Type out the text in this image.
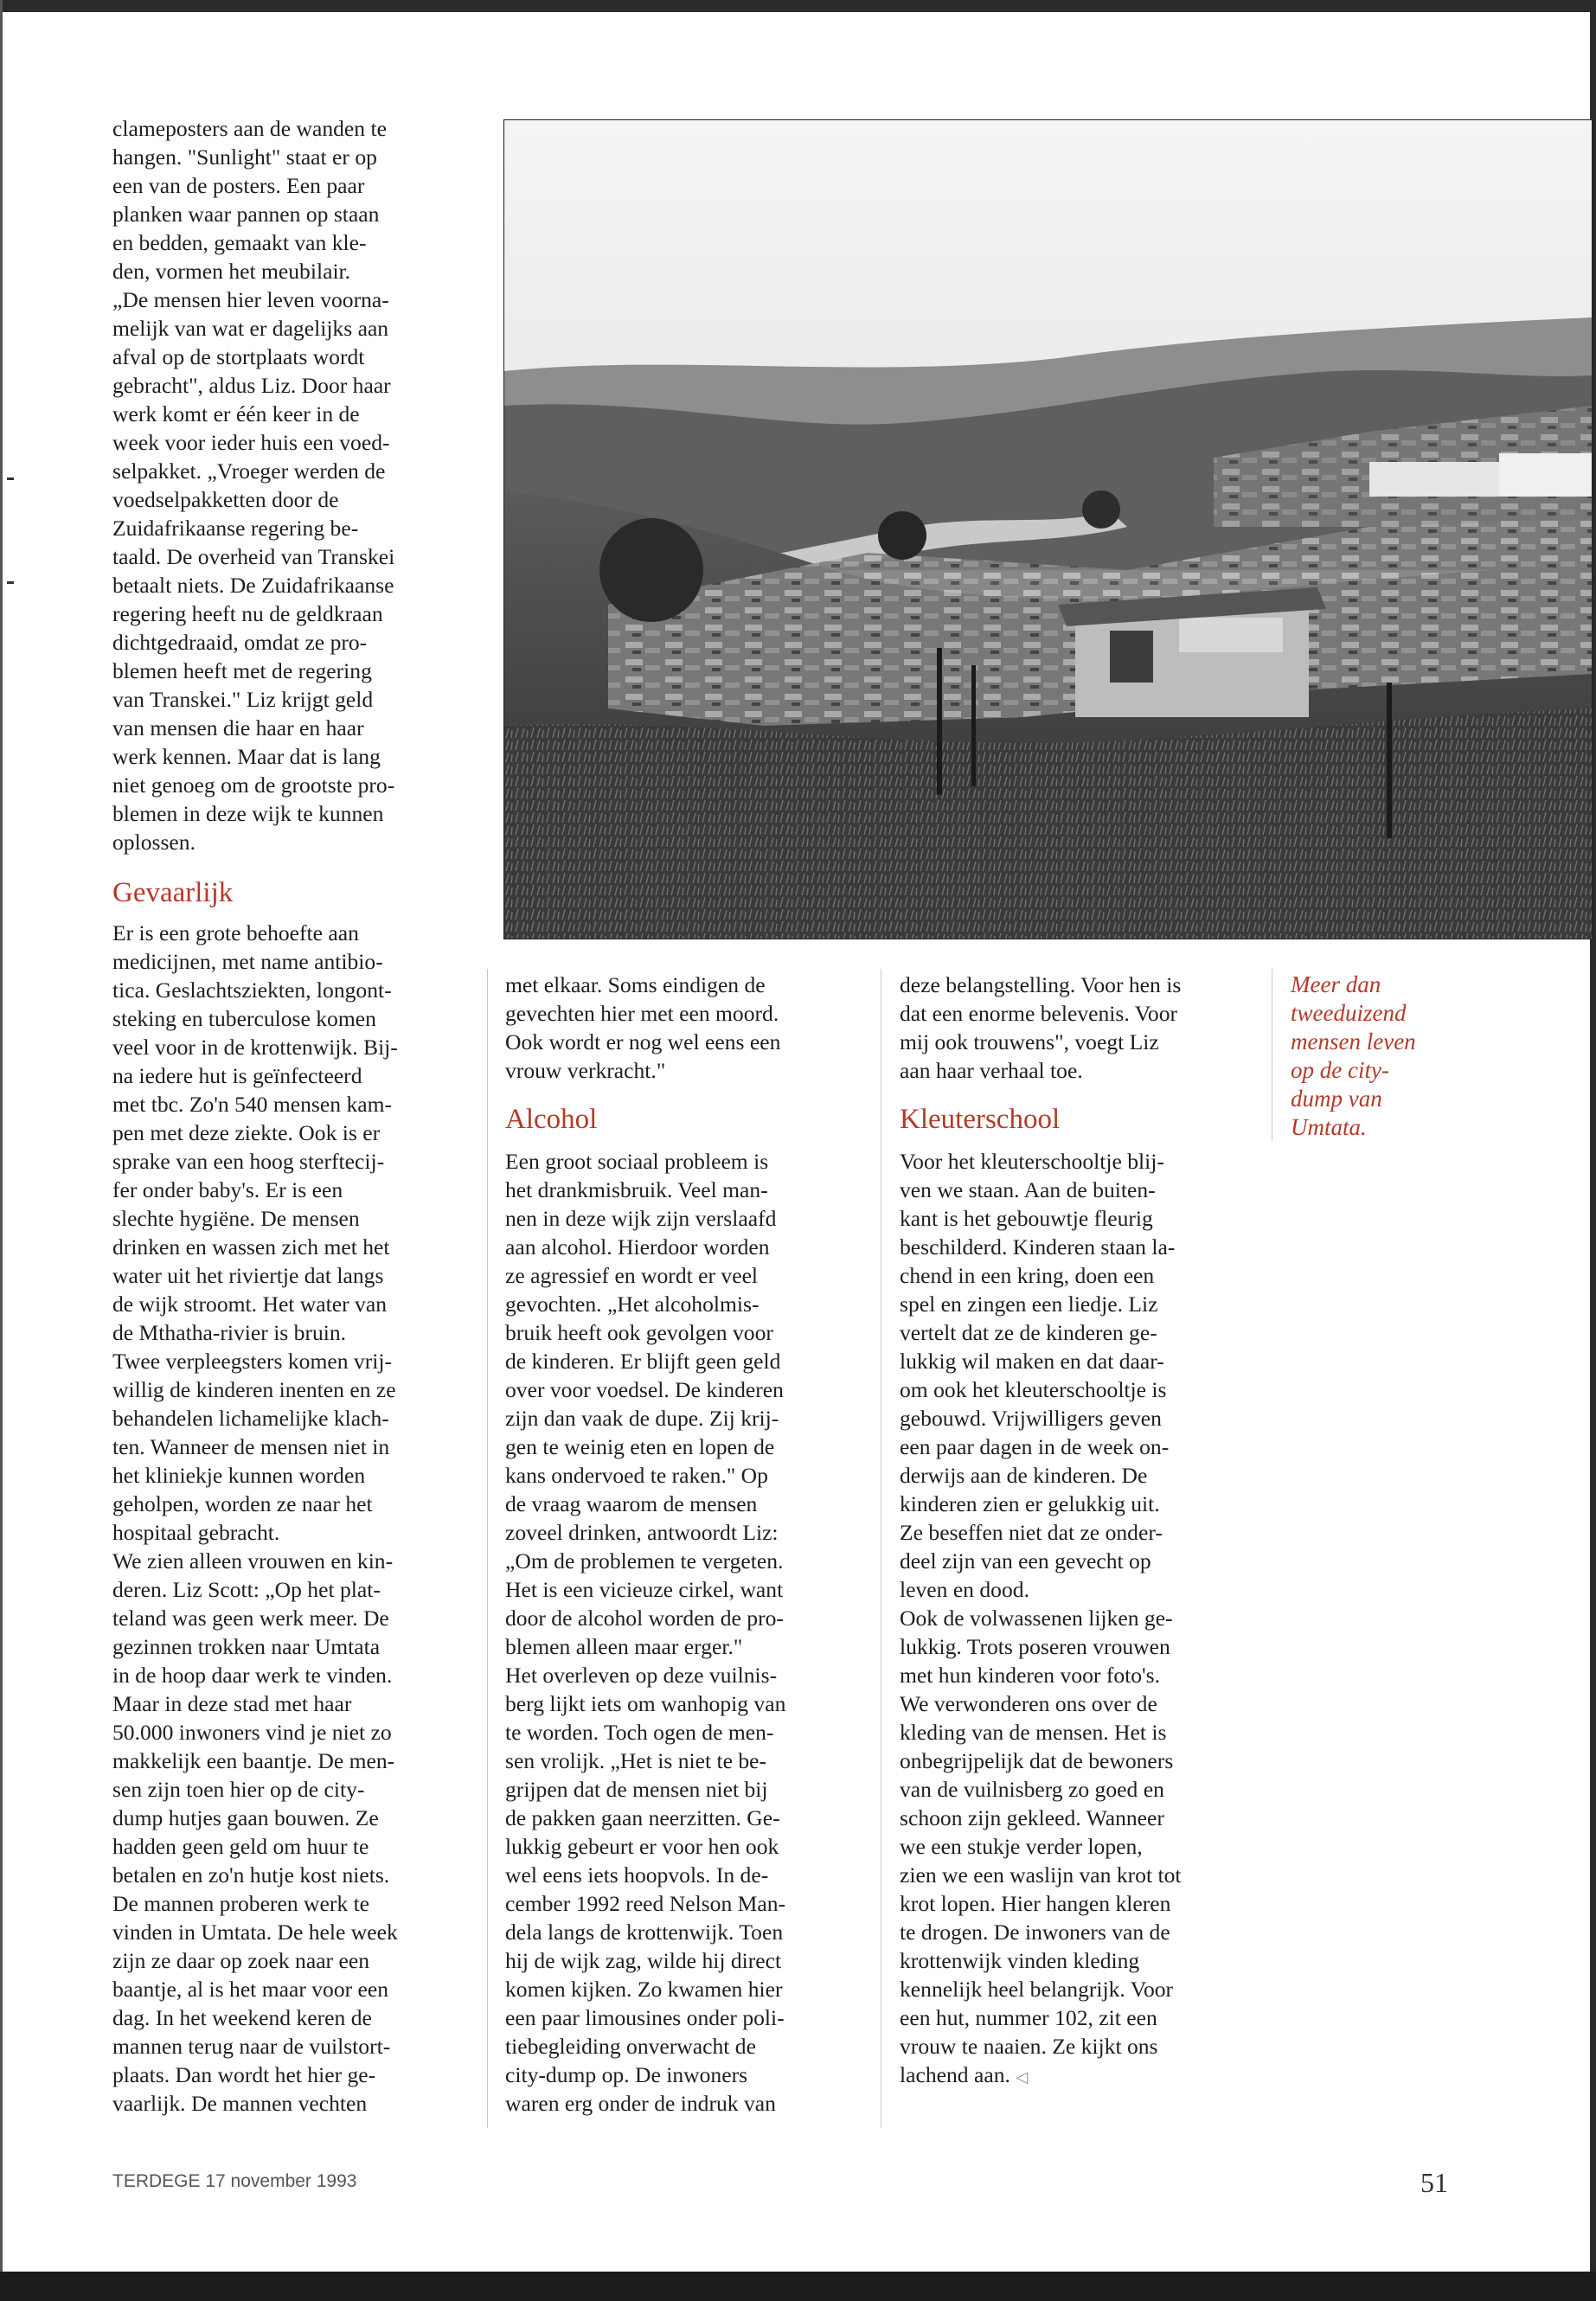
clameposters aan de wanden te
hangen. "Sunlight" staat er op
een van de posters. Een paar
planken waar pannen op staan
en bedden, gemaakt van kle-
den, vormen het meubilair.
„De mensen hier leven voorna-
melijk van wat er dagelijks aan
afval op de stortplaats wordt
gebracht", aldus Liz. Door haar
werk komt er één keer in de
week voor ieder huis een voed-
selpakket. „Vroeger werden de
voedselpakketten door de
Zuidafrikaanse regering be-
taald. De overheid van Transkei
betaalt niets. De Zuidafrikaanse
regering heeft nu de geldkraan
dichtgedraaid, omdat ze pro-
blemen heeft met de regering
van Transkei." Liz krijgt geld
van mensen die haar en haar
werk kennen. Maar dat is lang
niet genoeg om de grootste pro-
blemen in deze wijk te kunnen
oplossen.

Gevaarlijk

Er is een grote behoefte aan
medicijnen, met name antibio-
tica. Geslachtsziekten, longont-
steking en tuberculose komen
veel voor in de krottenwijk. Bij-
na iedere hut is geïnfecteerd
met tbc. Zo'n 540 mensen kam-
pen met deze ziekte. Ook is er
sprake van een hoog sterftecij-
fer onder baby's. Er is een
slechte hygiëne. De mensen
drinken en wassen zich met het
water uit het riviertje dat langs
de wijk stroomt. Het water van
de Mthatha-rivier is bruin.
Twee verpleegsters komen vrij-
willig de kinderen inenten en ze
behandelen lichamelijke klach-
ten. Wanneer de mensen niet in
het kliniekje kunnen worden
geholpen, worden ze naar het
hospitaal gebracht.
We zien alleen vrouwen en kin-
deren. Liz Scott: „Op het plat-
teland was geen werk meer. De
gezinnen trokken naar Umtata
in de hoop daar werk te vinden.
Maar in deze stad met haar
50.000 inwoners vind je niet zo
makkelijk een baantje. De men-
sen zijn toen hier op de city-
dump hutjes gaan bouwen. Ze
hadden geen geld om huur te
betalen en zo'n hutje kost niets.
De mannen proberen werk te
vinden in Umtata. De hele week
zijn ze daar op zoek naar een
baantje, al is het maar voor een
dag. In het weekend keren de
mannen terug naar de vuilstort-
plaats. Dan wordt het hier ge-
vaarlijk. De mannen vechten

met elkaar. Soms eindigen de
gevechten hier met een moord.
Ook wordt er nog wel eens een
vrouw verkracht."

Alcohol

Een groot sociaal probleem is
het drankmisbruik. Veel man-
nen in deze wijk zijn verslaafd
aan alcohol. Hierdoor worden
ze agressief en wordt er veel
gevochten. „Het alcoholmis-
bruik heeft ook gevolgen voor
de kinderen. Er blijft geen geld
over voor voedsel. De kinderen
zijn dan vaak de dupe. Zij krij-
gen te weinig eten en lopen de
kans ondervoed te raken." Op
de vraag waarom de mensen
zoveel drinken, antwoordt Liz:
„Om de problemen te vergeten.
Het is een vicieuze cirkel, want
door de alcohol worden de pro-
blemen alleen maar erger."
Het overleven op deze vuilnis-
berg lijkt iets om wanhopig van
te worden. Toch ogen de men-
sen vrolijk. „Het is niet te be-
grijpen dat de mensen niet bij
de pakken gaan neerzitten. Ge-
lukkig gebeurt er voor hen ook
wel eens iets hoopvols. In de-
cember 1992 reed Nelson Man-
dela langs de krottenwijk. Toen
hij de wijk zag, wilde hij direct
komen kijken. Zo kwamen hier
een paar limousines onder poli-
tiebegleiding onverwacht de
city-dump op. De inwoners
waren erg onder de indruk van

deze belangstelling. Voor hen is
dat een enorme belevenis. Voor
mij ook trouwens", voegt Liz
aan haar verhaal toe.

Kleuterschool

Voor het kleuterschooltje blij-
ven we staan. Aan de buiten-
kant is het gebouwtje fleurig
beschilderd. Kinderen staan la-
chend in een kring, doen een
spel en zingen een liedje. Liz
vertelt dat ze de kinderen ge-
lukkig wil maken en dat daar-
om ook het kleuterschooltje is
gebouwd. Vrijwilligers geven
een paar dagen in de week on-
derwijs aan de kinderen. De
kinderen zien er gelukkig uit.
Ze beseffen niet dat ze onder-
deel zijn van een gevecht op
leven en dood.
Ook de volwassenen lijken ge-
lukkig. Trots poseren vrouwen
met hun kinderen voor foto's.
We verwonderen ons over de
kleding van de mensen. Het is
onbegrijpelijk dat de bewoners
van de vuilnisberg zo goed en
schoon zijn gekleed. Wanneer
we een stukje verder lopen,
zien we een waslijn van krot tot
krot lopen. Hier hangen kleren
te drogen. De inwoners van de
krottenwijk vinden kleding
kennelijk heel belangrijk. Voor
een hut, nummer 102, zit een
vrouw te naaien. Ze kijkt ons
lachend aan. ◁

Meer dan
tweeduizend
mensen leven
op de city-
dump van
Umtata.
TERDEGE 17 november 1993	51
